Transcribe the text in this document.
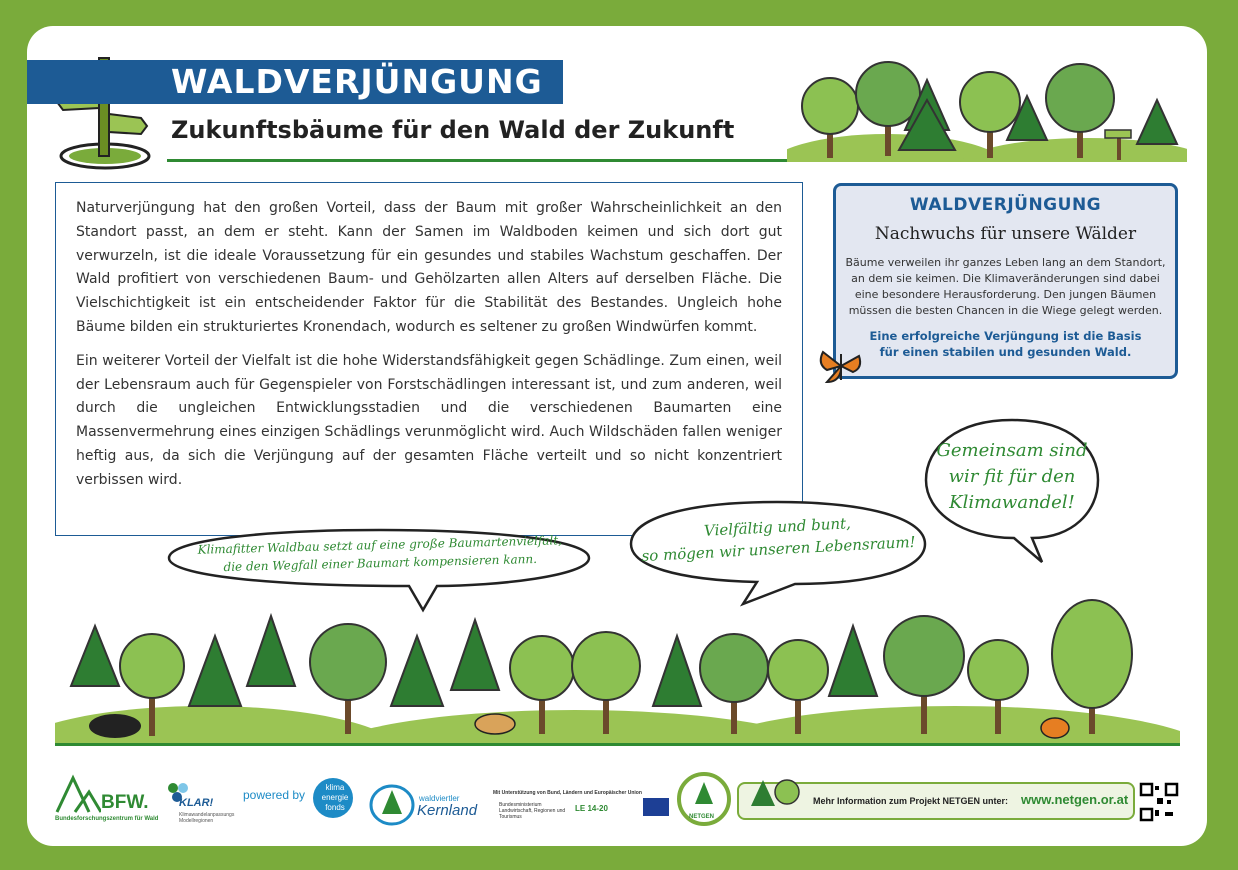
WALDVERJÜNGUNG
Zukunftsbäume für den Wald der Zukunft

Naturverjüngung hat den großen Vorteil, dass der Baum mit großer Wahrscheinlichkeit an den Standort passt, an dem er steht. Kann der Samen im Waldboden keimen und sich dort gut verwurzeln, ist die ideale Voraussetzung für ein gesundes und stabiles Wachstum geschaffen. Der Wald profitiert von verschiedenen Baum- und Gehölzarten allen Alters auf derselben Fläche. Die Vielschichtigkeit ist ein entscheidender Faktor für die Stabilität des Bestandes. Ungleich hohe Bäume bilden ein strukturiertes Kronendach, wodurch es seltener zu großen Windwürfen kommt.

Ein weiterer Vorteil der Vielfalt ist die hohe Widerstandsfähigkeit gegen Schädlinge. Zum einen, weil der Lebensraum auch für Gegenspieler von Forstschädlingen interessant ist, und zum anderen, weil durch die ungleichen Entwicklungsstadien und die verschiedenen Baumarten eine Massenvermehrung eines einzigen Schädlings verunmöglicht wird. Auch Wildschäden fallen weniger heftig aus, da sich die Verjüngung auf der gesamten Fläche verteilt und so nicht konzentriert verbissen wird.

WALDVERJÜNGUNG
Nachwuchs für unsere Wälder
Bäume verweilen ihr ganzes Leben lang an dem Standort, an dem sie keimen. Die Klimaveränderungen sind dabei eine besondere Herausforderung. Den jungen Bäumen müssen die besten Chancen in die Wiege gelegt werden.
Eine erfolgreiche Verjüngung ist die Basis
für einen stabilen und gesunden Wald.
Gemeinsam sind
wir fit für den
Klimawandel!
Vielfältig und bunt,
so mögen wir unseren Lebensraum!
Klimafitter Waldbau setzt auf eine große Baumartenvielfalt,
die den Wegfall einer Baumart kompensieren kann.
BFW.
Bundesforschungszentrum für Wald
KLAR!
Klimawandelanpassungs Modellregionen
powered by
klima
energie
fonds
waldviertler
Kernland
Mit Unterstützung von Bund, Ländern und Europäischer Union
Bundesministerium Landwirtschaft, Regionen und Tourismus
LE 14-20
NETGEN
Mehr Information zum Projekt NETGEN unter: www.netgen.or.at
